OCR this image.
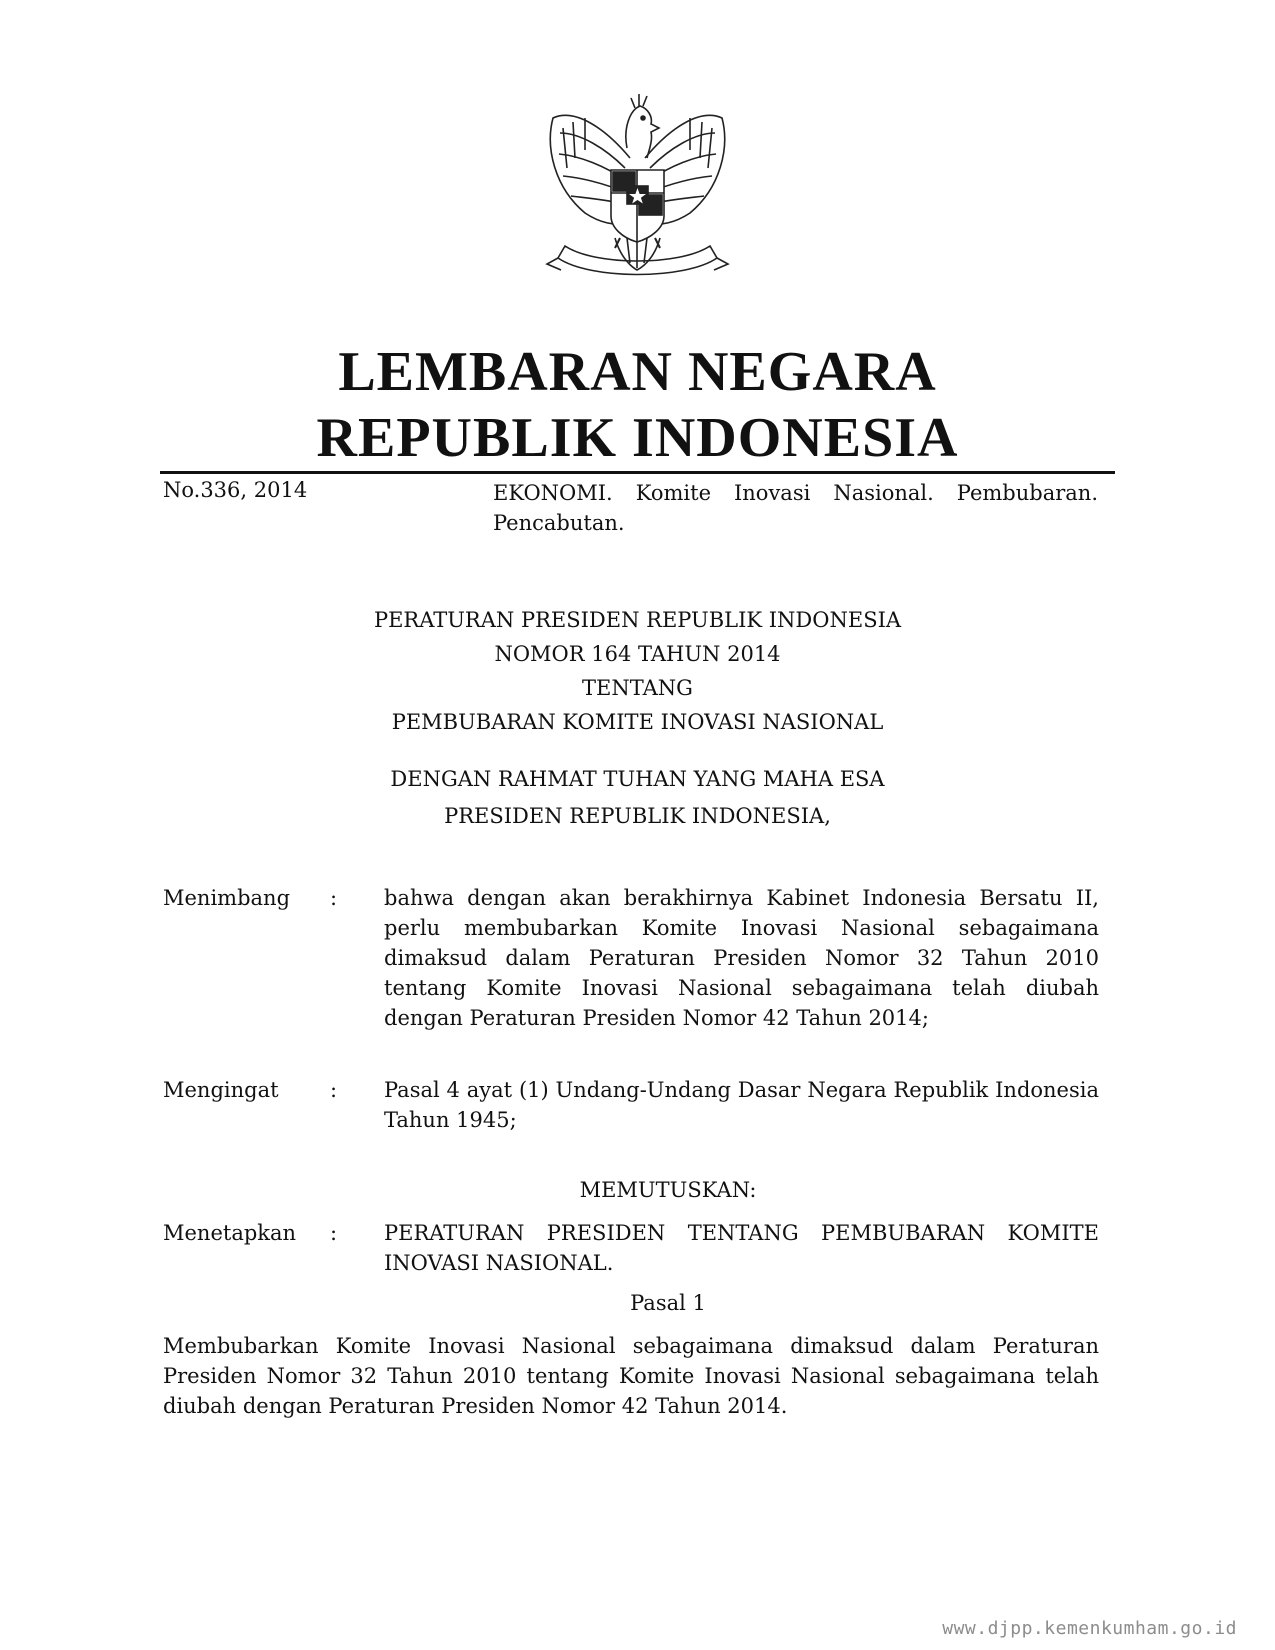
LEMBARAN NEGARA
REPUBLIK INDONESIA
No.336, 2014	EKONOMI. Komite Inovasi Nasional. Pembubaran. Pencabutan.
PERATURAN PRESIDEN REPUBLIK INDONESIA
NOMOR 164 TAHUN 2014
TENTANG
PEMBUBARAN KOMITE INOVASI NASIONAL
DENGAN RAHMAT TUHAN YANG MAHA ESA
PRESIDEN REPUBLIK INDONESIA,
Menimbang : bahwa dengan akan berakhirnya Kabinet Indonesia Bersatu II, perlu membubarkan Komite Inovasi Nasional sebagaimana dimaksud dalam Peraturan Presiden Nomor 32 Tahun 2010 tentang Komite Inovasi Nasional sebagaimana telah diubah dengan Peraturan Presiden Nomor 42 Tahun 2014;

Mengingat : Pasal 4 ayat (1) Undang-Undang Dasar Negara Republik Indonesia Tahun 1945;

MEMUTUSKAN:
Menetapkan : PERATURAN PRESIDEN TENTANG PEMBUBARAN KOMITE INOVASI NASIONAL.

Pasal 1

Membubarkan Komite Inovasi Nasional sebagaimana dimaksud dalam Peraturan Presiden Nomor 32 Tahun 2010 tentang Komite Inovasi Nasional sebagaimana telah diubah dengan Peraturan Presiden Nomor 42 Tahun 2014.

www.djpp.kemenkumham.go.id
